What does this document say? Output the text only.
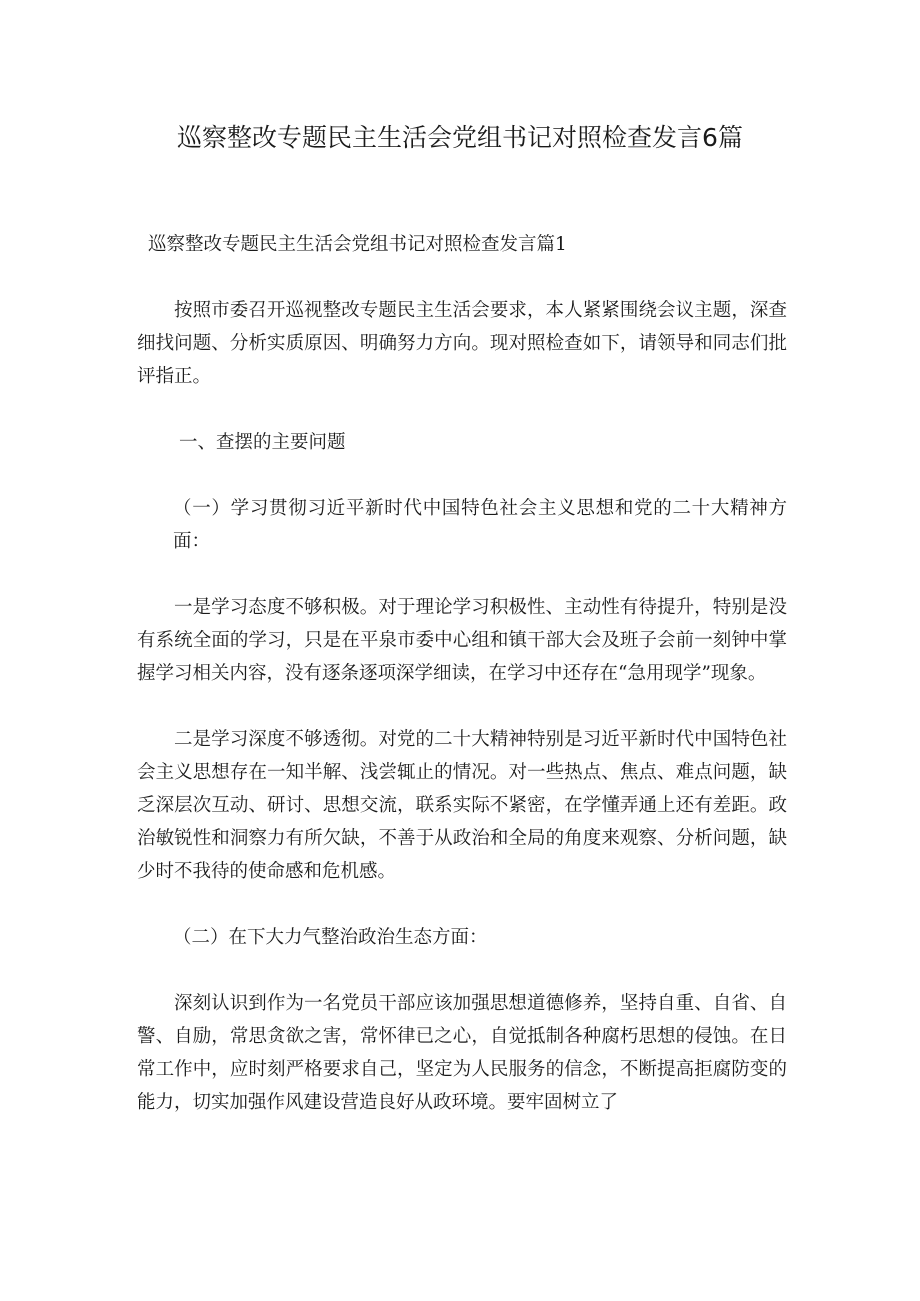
巡察整改专题民主生活会党组书记对照检查发言6篇

巡察整改专题民主生活会党组书记对照检查发言篇1

按照市委召开巡视整改专题民主生活会要求，本人紧紧围绕会议主题，深查细找问题、分析实质原因、明确努力方向。现对照检查如下，请领导和同志们批评指正。

一、查摆的主要问题

（一）学习贯彻习近平新时代中国特色社会主义思想和党的二十大精神方面：

一是学习态度不够积极。对于理论学习积极性、主动性有待提升，特别是没有系统全面的学习，只是在平泉市委中心组和镇干部大会及班子会前一刻钟中掌握学习相关内容，没有逐条逐项深学细读，在学习中还存在“急用现学”现象。

二是学习深度不够透彻。对党的二十大精神特别是习近平新时代中国特色社会主义思想存在一知半解、浅尝辄止的情况。对一些热点、焦点、难点问题，缺乏深层次互动、研讨、思想交流，联系实际不紧密，在学懂弄通上还有差距。政治敏锐性和洞察力有所欠缺，不善于从政治和全局的角度来观察、分析问题，缺少时不我待的使命感和危机感。

（二）在下大力气整治政治生态方面：

深刻认识到作为一名党员干部应该加强思想道德修养，坚持自重、自省、自警、自励，常思贪欲之害，常怀律已之心，自觉抵制各种腐朽思想的侵蚀。在日常工作中，应时刻严格要求自己，坚定为人民服务的信念，不断提高拒腐防变的能力，切实加强作风建设营造良好从政环境。要牢固树立了
